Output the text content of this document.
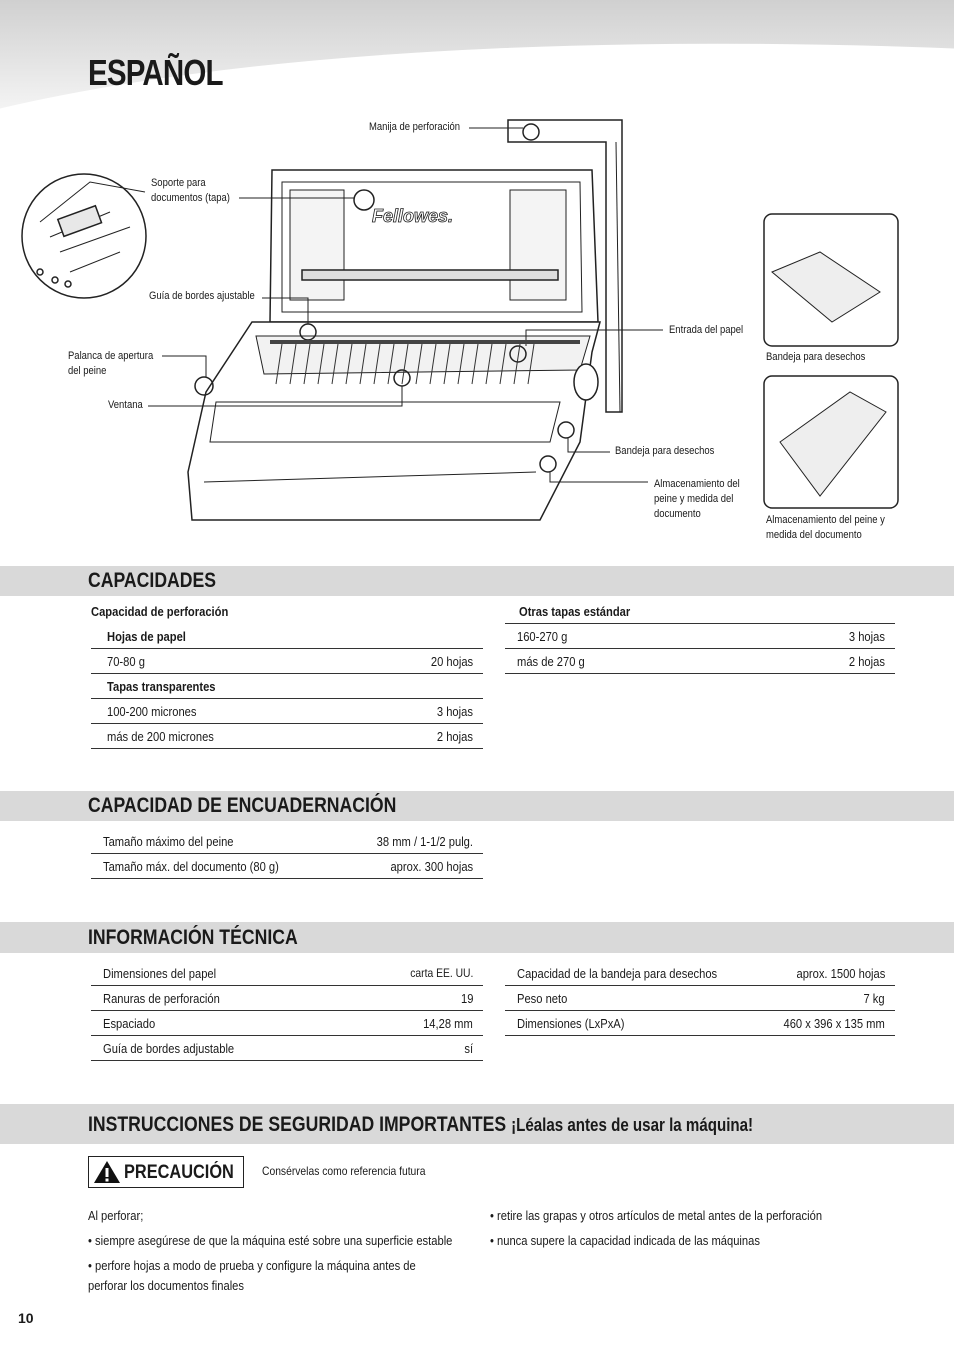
ESPAÑOL
Fellowes.
Manija de perforación
Soporte para
documentos (tapa)
Guía de bordes ajustable
Palanca de apertura
del peine
Ventana
Entrada del papel
Bandeja para desechos
Almacenamiento del
peine y medida del
documento
Bandeja para desechos
Almacenamiento del peine y
medida del documento
CAPACIDADES
Capacidad de perforación
Hojas de papel
70-80 g	20 hojas
Tapas transparentes
100-200 micrones	3 hojas
más de 200 micrones	2 hojas
Otras tapas estándar
160-270 g	3 hojas
más de 270 g	2 hojas
CAPACIDAD DE ENCUADERNACIÓN
Tamaño máximo del peine	38 mm / 1-1/2 pulg.
Tamaño máx. del documento (80 g)	aprox. 300 hojas
INFORMACIÓN TÉCNICA
Dimensiones del papel	carta EE. UU.
Ranuras de perforación	19
Espaciado	14,28 mm
Guía de bordes adjustable	sí
Capacidad de la bandeja para desechos	aprox. 1500 hojas
Peso neto	7 kg
Dimensiones (LxPxA)	460 x 396 x 135 mm
INSTRUCCIONES DE SEGURIDAD IMPORTANTES ¡Léalas antes de usar la máquina!
PRECAUCIÓN Consérvelas como referencia futura
Al perforar;
• siempre asegúrese de que la máquina esté sobre una superficie estable
• perfore hojas a modo de prueba y configure la máquina antes de
perforar los documentos finales
• retire las grapas y otros artículos de metal antes de la perforación
• nunca supere la capacidad indicada de las máquinas
10
